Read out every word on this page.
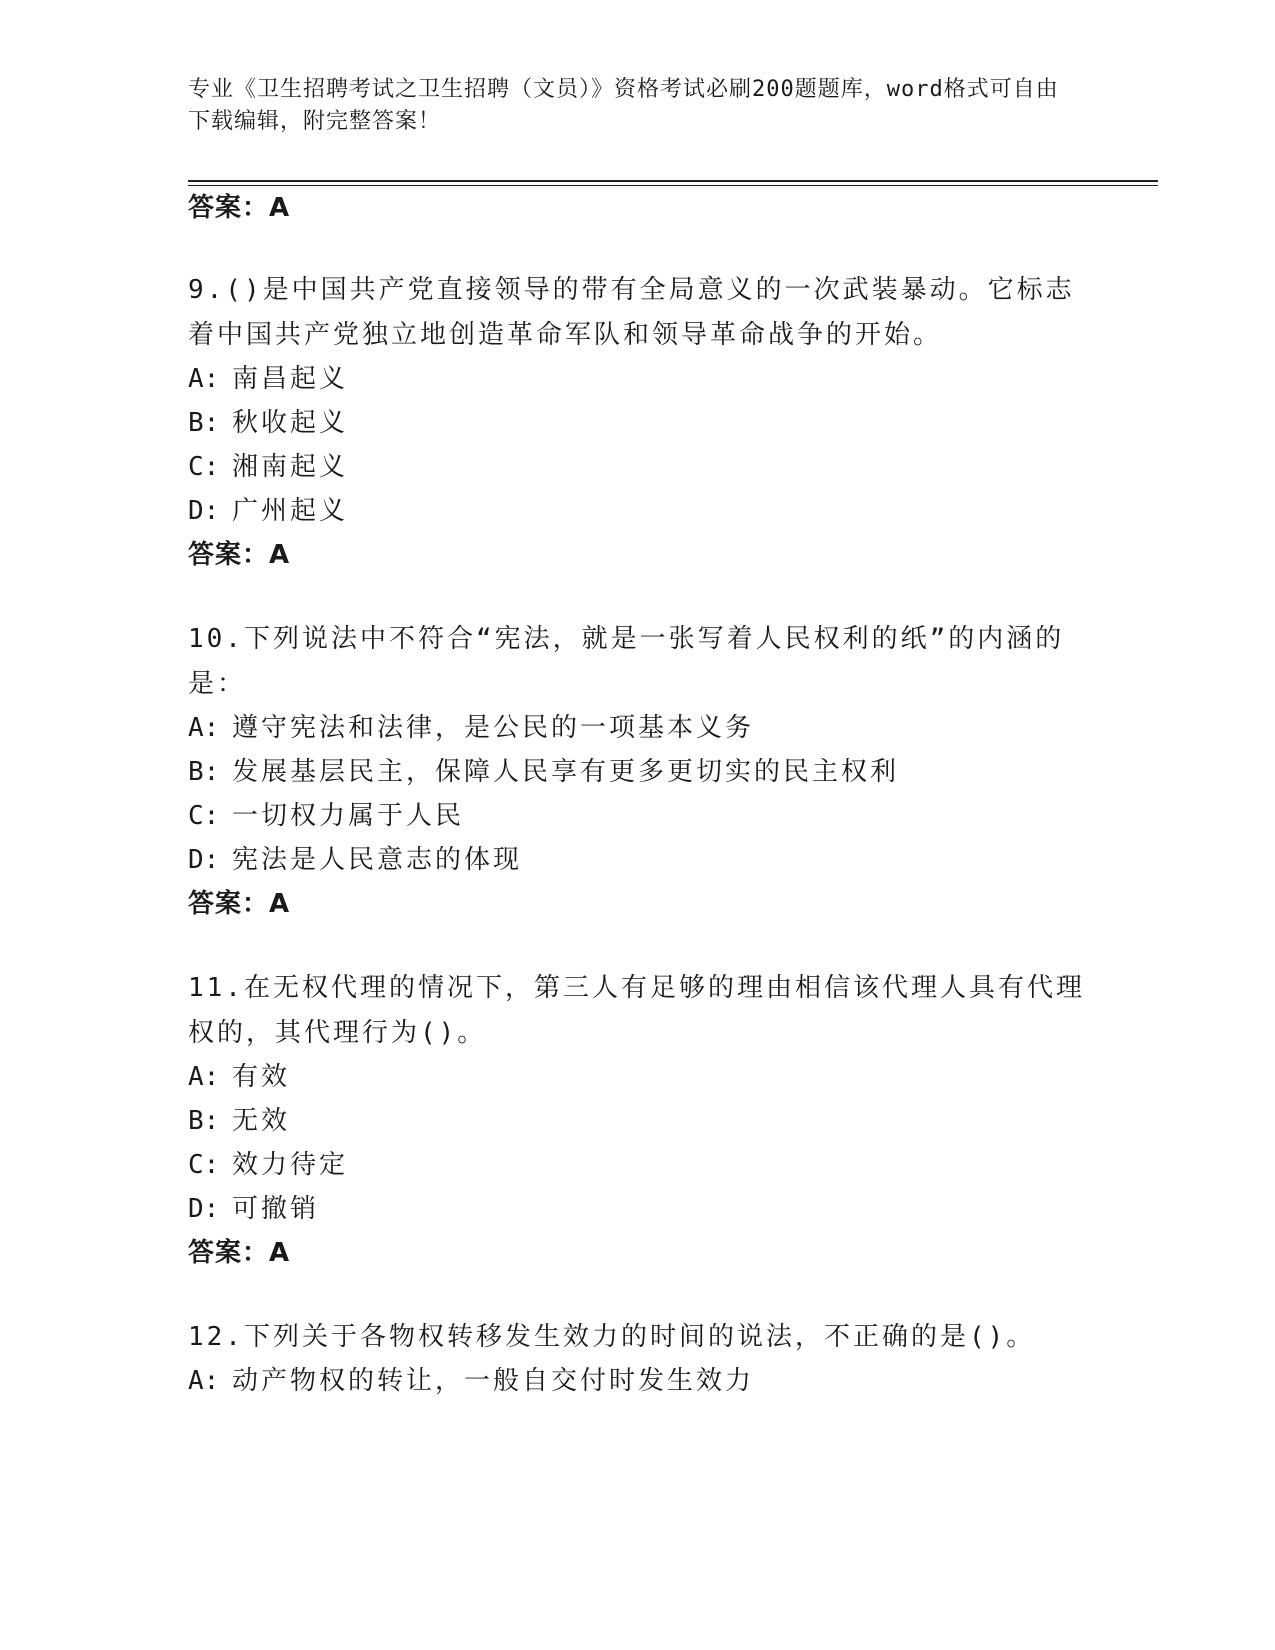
专业《卫生招聘考试之卫生招聘（文员）》资格考试必刷200题题库，word格式可自由下载编辑，附完整答案！
答案：A
9.()是中国共产党直接领导的带有全局意义的一次武装暴动。它标志着中国共产党独立地创造革命军队和领导革命战争的开始。
A: 南昌起义
B: 秋收起义
C: 湘南起义
D: 广州起义
答案：A
10.下列说法中不符合“宪法，就是一张写着人民权利的纸”的内涵的是：
A: 遵守宪法和法律，是公民的一项基本义务
B: 发展基层民主，保障人民享有更多更切实的民主权利
C: 一切权力属于人民
D: 宪法是人民意志的体现
答案：A
11.在无权代理的情况下，第三人有足够的理由相信该代理人具有代理权的，其代理行为()。
A: 有效
B: 无效
C: 效力待定
D: 可撤销
答案：A
12.下列关于各物权转移发生效力的时间的说法，不正确的是()。
A: 动产物权的转让，一般自交付时发生效力
